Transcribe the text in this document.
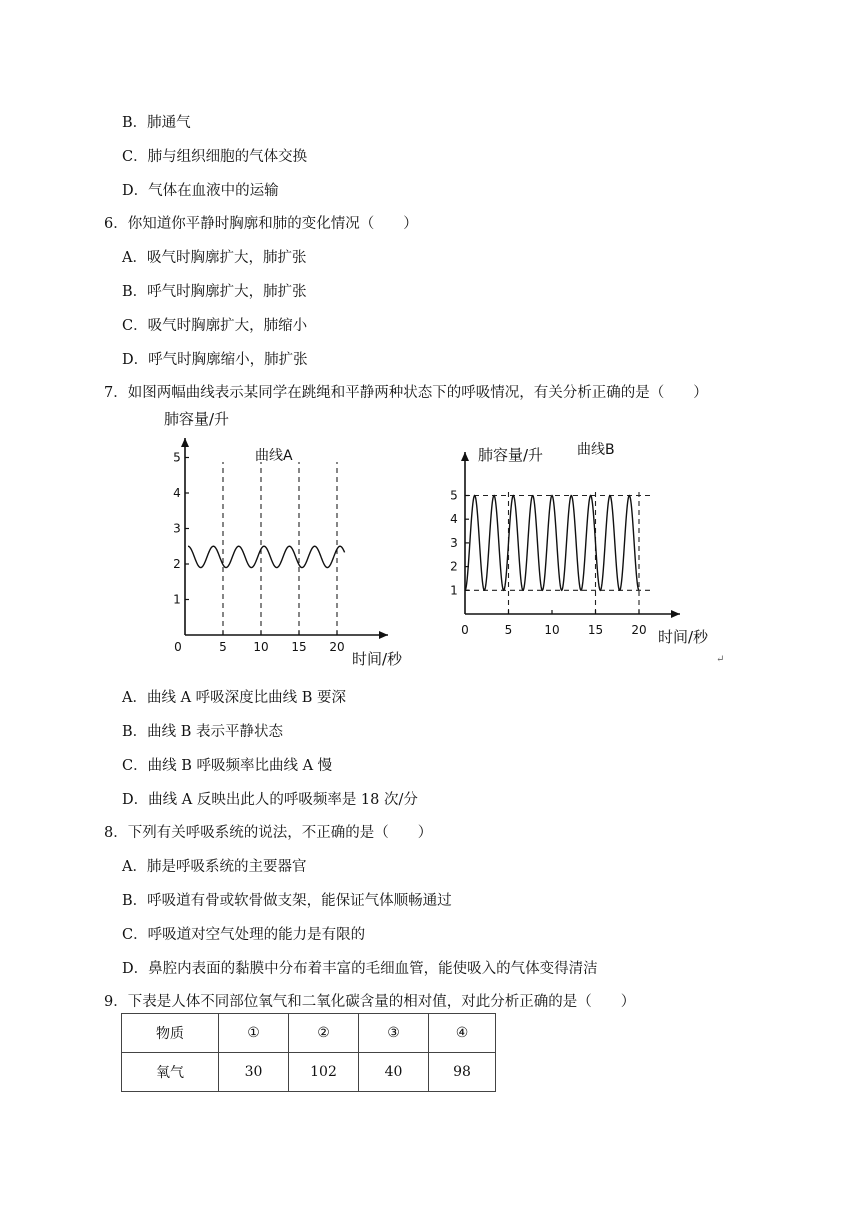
B．肺通气
C．肺与组织细胞的气体交换
D．气体在血液中的运输
6．你知道你平静时胸廓和肺的变化情况（　　）
A．吸气时胸廓扩大，肺扩张
B．呼气时胸廓扩大，肺扩张
C．吸气时胸廓扩大，肺缩小
D．呼气时胸廓缩小，肺扩张
7．如图两幅曲线表示某同学在跳绳和平静两种状态下的呼吸情况，有关分析正确的是（　　）
0	5 10 15 20
1
2
3
4
5
肺容量/升
曲线A
时间/秒
0	5	10 15 20
1
2
3
4
5
肺容量/升 曲线B
时间/秒
↵
A．曲线 A 呼吸深度比曲线 B 要深
B．曲线 B 表示平静状态
C．曲线 B 呼吸频率比曲线 A 慢
D．曲线 A 反映出此人的呼吸频率是 18 次/分
8．下列有关呼吸系统的说法，不正确的是（　　）
A．肺是呼吸系统的主要器官
B．呼吸道有骨或软骨做支架，能保证气体顺畅通过
C．呼吸道对空气处理的能力是有限的
D．鼻腔内表面的黏膜中分布着丰富的毛细血管，能使吸入的气体变得清洁
9．下表是人体不同部位氧气和二氧化碳含量的相对值，对此分析正确的是（　　）
物质	①	②	③	④
氧气	30	102	40	98
